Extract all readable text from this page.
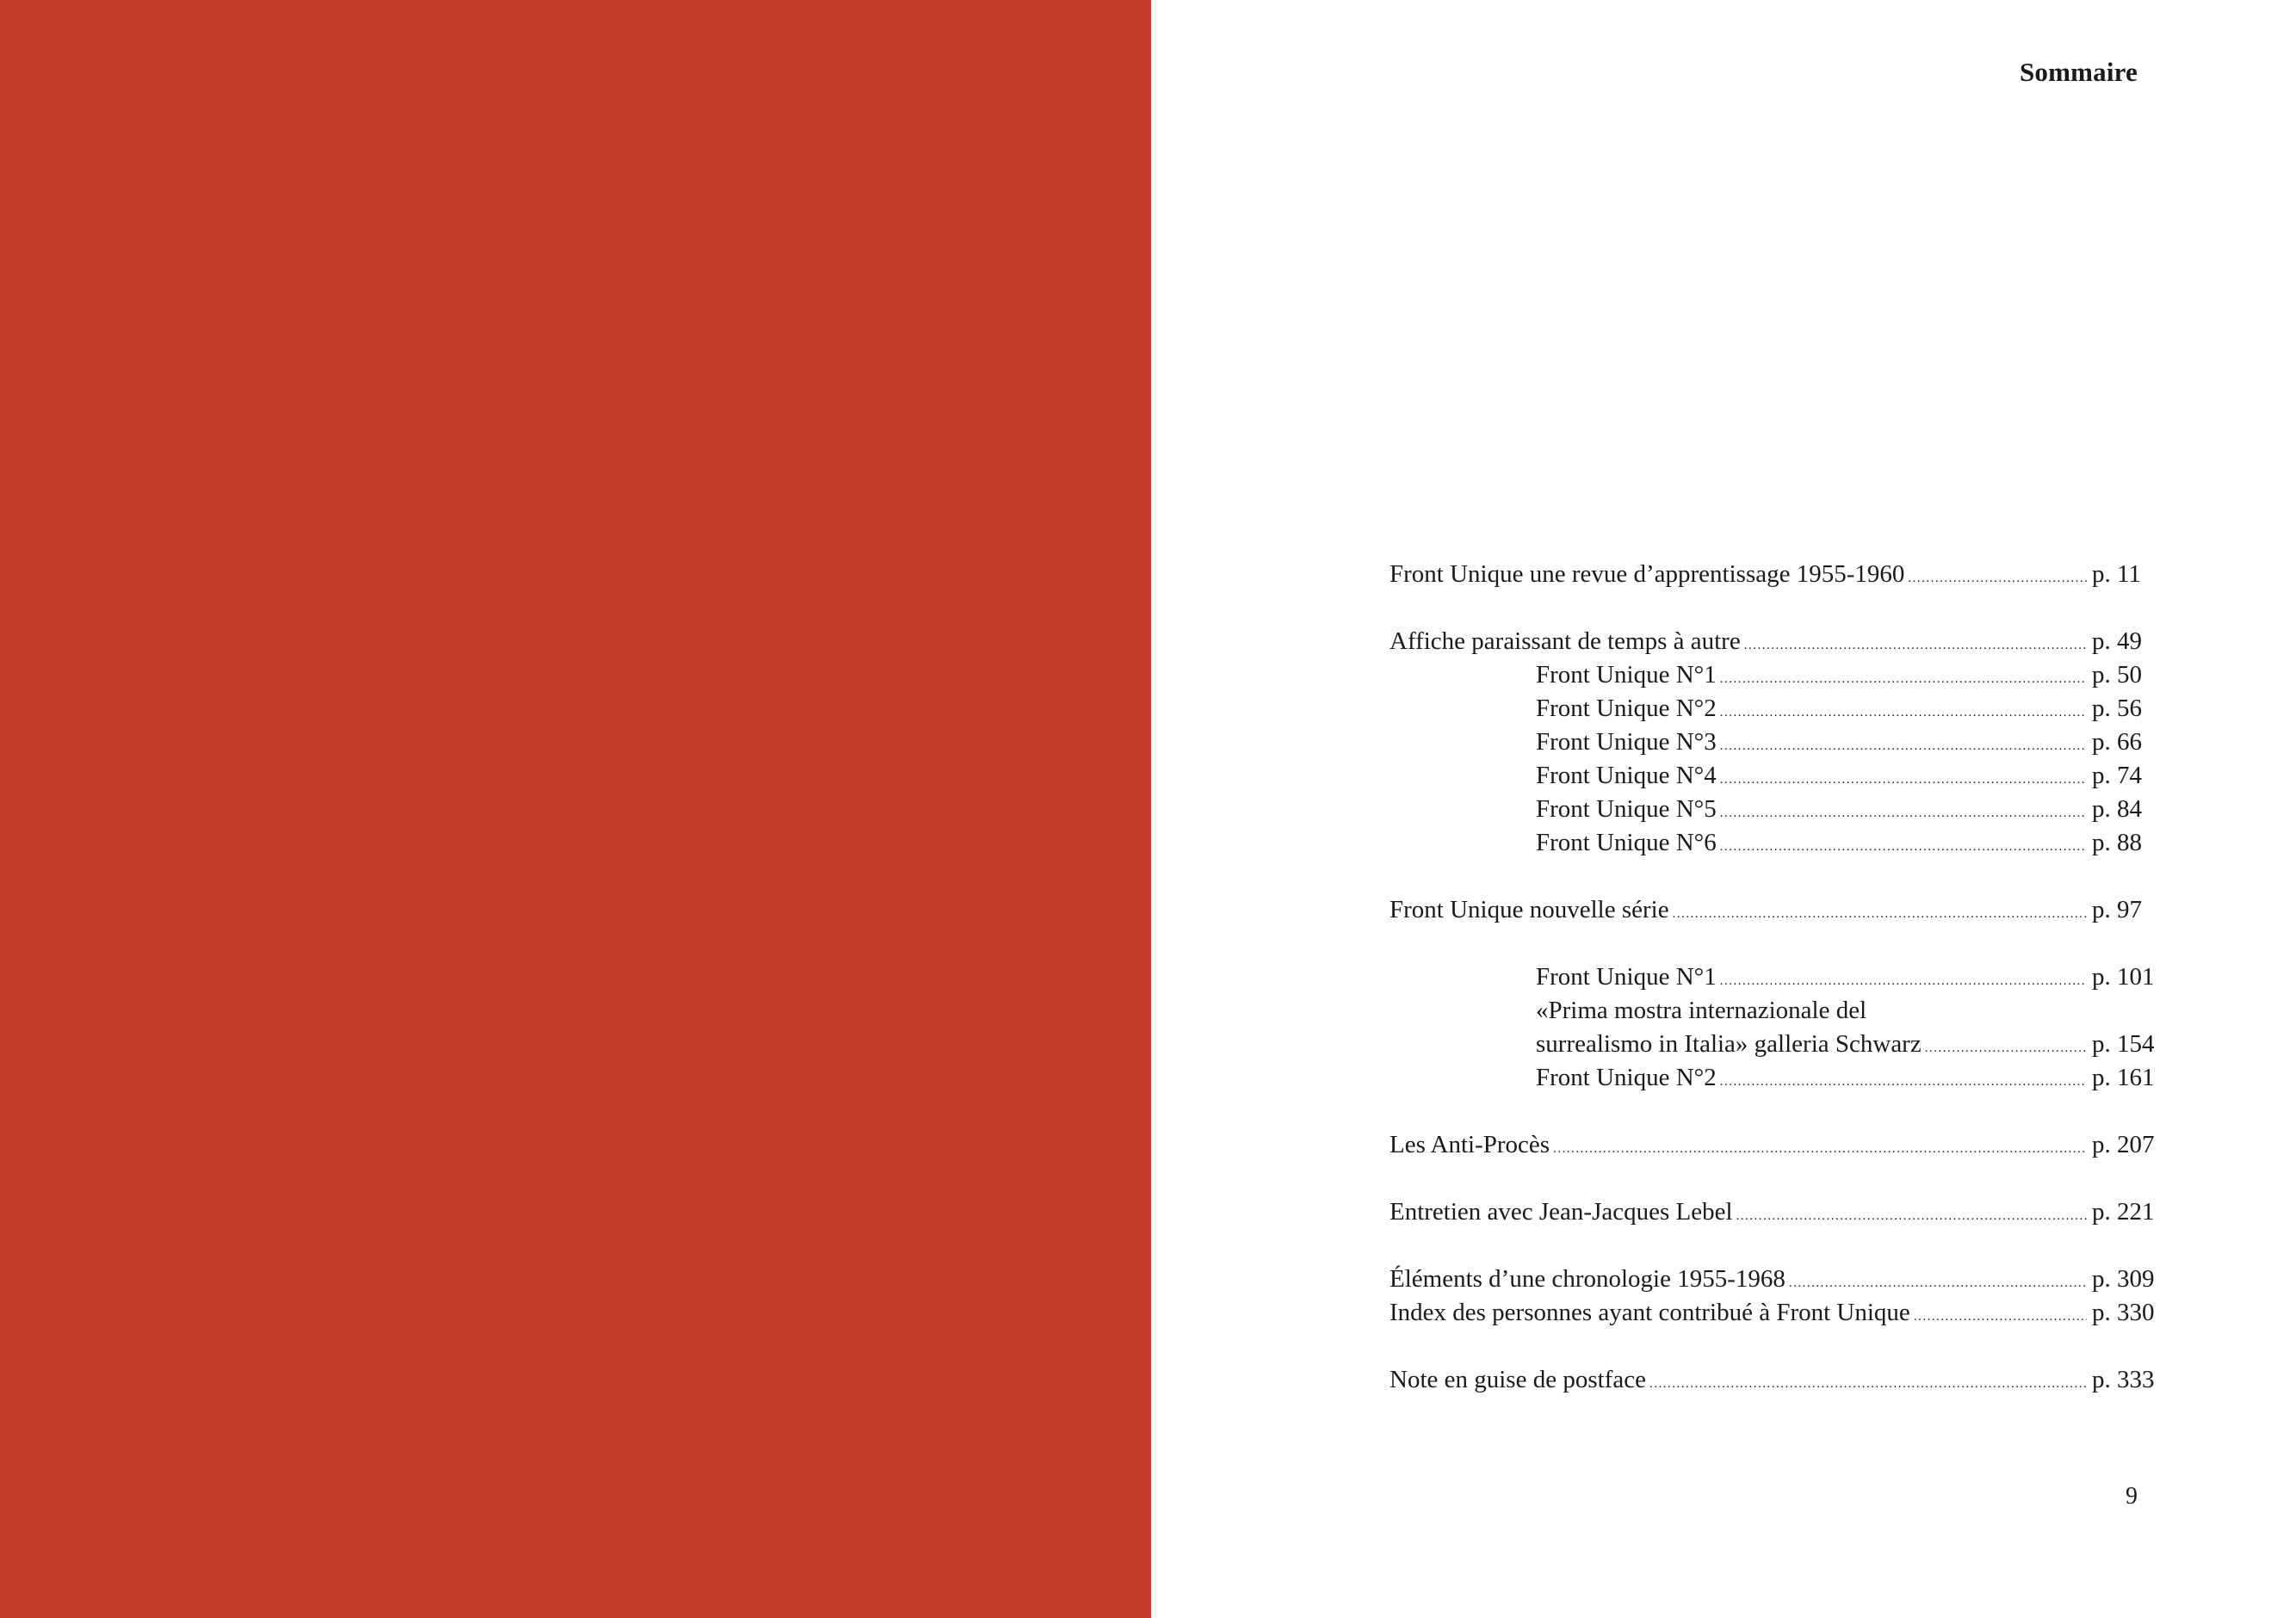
Sommaire
Front Unique une revue d’apprentissage 1955-1960 .....	p. 11
Affiche paraissant de temps à autre .....	p. 49
Front Unique N°1 .....	p. 50
Front Unique N°2 .....	p. 56
Front Unique N°3 .....	p. 66
Front Unique N°4 .....	p. 74
Front Unique N°5 .....	p. 84
Front Unique N°6 .....	p. 88
Front Unique nouvelle série .....	p. 97
Front Unique N°1 .....	p. 101
«Prima mostra internazionale del
surrealismo in Italia» galleria Schwarz .....	p. 154
Front Unique N°2 .....	p. 161
Les Anti-Procès .....	p. 207
Entretien avec Jean-Jacques Lebel .....	p. 221
Éléments d’une chronologie 1955-1968 .....	p. 309
Index des personnes ayant contribué à Front Unique .....	p. 330
Note en guise de postface .....	p. 333
9
